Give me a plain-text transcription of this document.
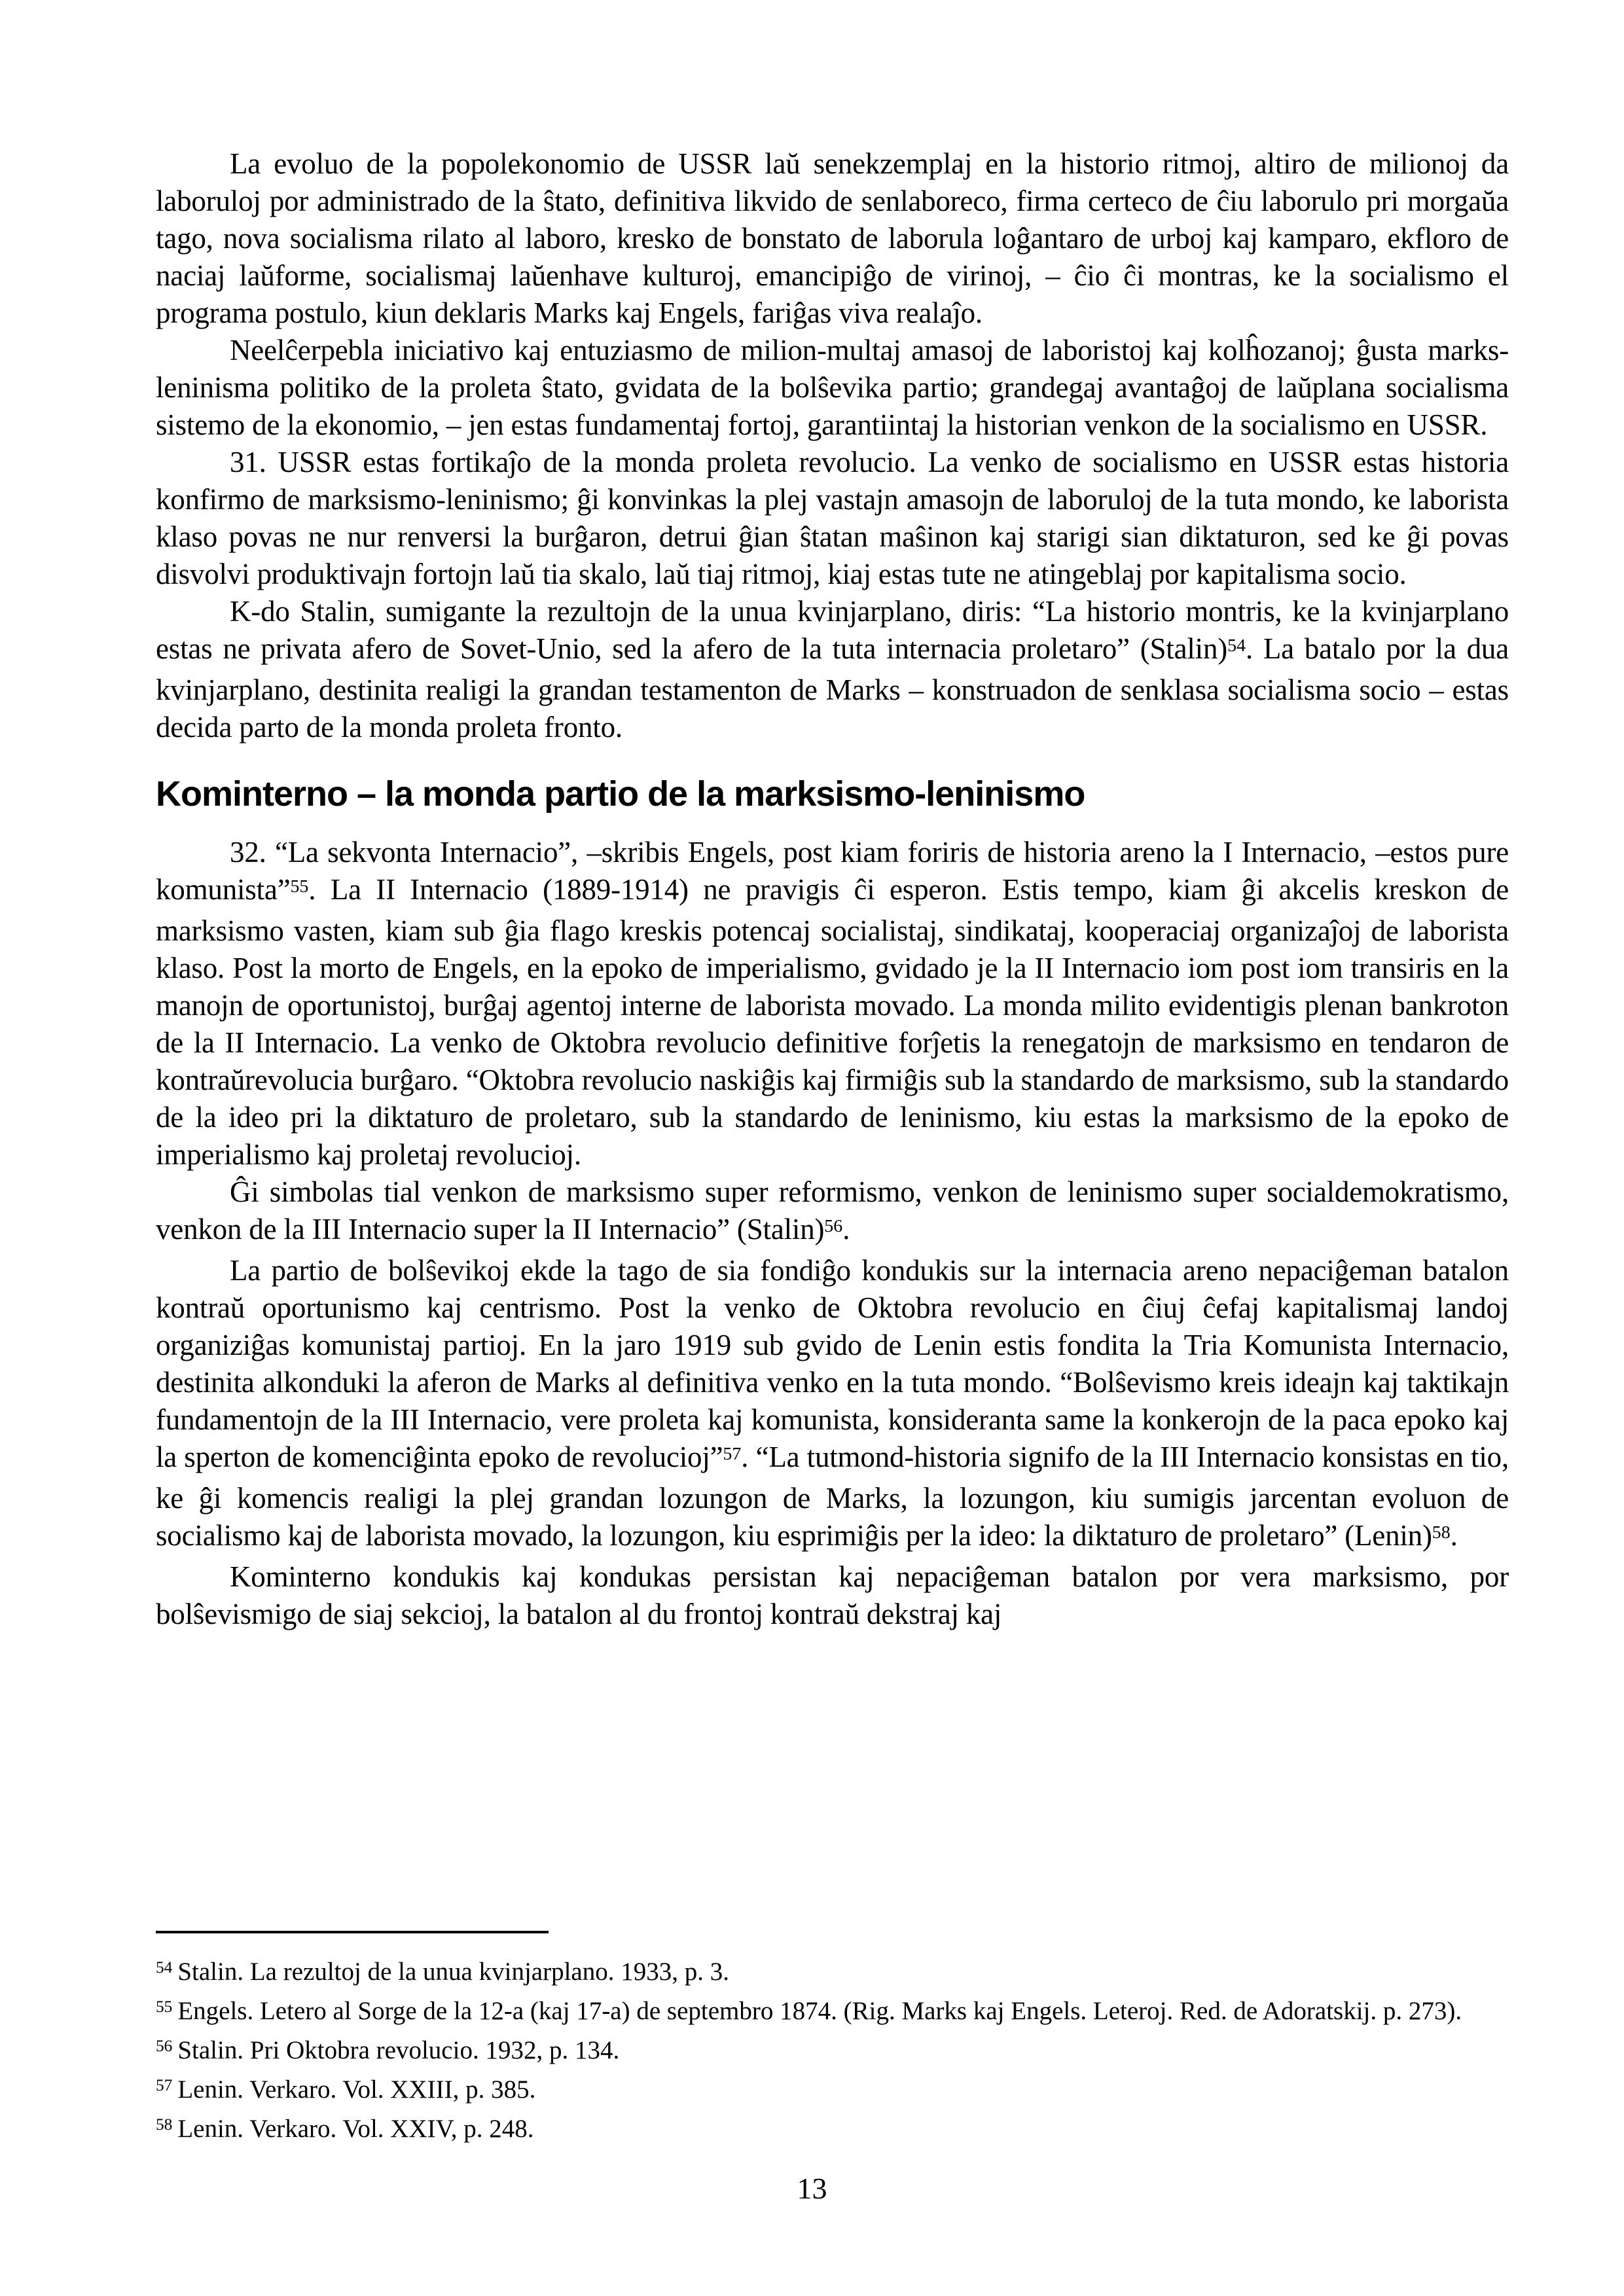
La evoluo de la popolekonomio de USSR laŭ senekzemplaj en la historio ritmoj, altiro de milionoj da laboruloj por administrado de la ŝtato, definitiva likvido de senlaboreco, firma certeco de ĉiu laborulo pri morgaŭa tago, nova socialisma rilato al laboro, kresko de bonstato de laborula loĝantaro de urboj kaj kamparo, ekfloro de naciaj laŭforme, socialismaj laŭenhave kulturoj, emancipiĝo de virinoj, – ĉio ĉi montras, ke la socialismo el programa postulo, kiun deklaris Marks kaj Engels, fariĝas viva realaĵo.

Neelĉerpebla iniciativo kaj entuziasmo de milion-multaj amasoj de laboristoj kaj kolĥozanoj; ĝusta marks-leninisma politiko de la proleta ŝtato, gvidata de la bolŝevika partio; grandegaj avantaĝoj de laŭplana socialisma sistemo de la ekonomio, – jen estas fundamentaj fortoj, garantiintaj la historian venkon de la socialismo en USSR.

31. USSR estas fortikaĵo de la monda proleta revolucio. La venko de socialismo en USSR estas historia konfirmo de marksismo-leninismo; ĝi konvinkas la plej vastajn amasojn de laboruloj de la tuta mondo, ke laborista klaso povas ne nur renversi la burĝaron, detrui ĝian ŝtatan maŝinon kaj starigi sian diktaturon, sed ke ĝi povas disvolvi produktivajn fortojn laŭ tia skalo, laŭ tiaj ritmoj, kiaj estas tute ne atingeblaj por kapitalisma socio.

K-do Stalin, sumigante la rezultojn de la unua kvinjarplano, diris: “La historio montris, ke la kvinjarplano estas ne privata afero de Sovet-Unio, sed la afero de la tuta internacia proletaro” (Stalin)$^{54}$. La batalo por la dua kvinjarplano, destinita realigi la grandan testamenton de Marks – konstruadon de senklasa socialisma socio – estas decida parto de la monda proleta fronto.

Kominterno – la monda partio de la marksismo-leninismo

32. “La sekvonta Internacio”, –skribis Engels, post kiam foriris de historia areno la I Internacio, –estos pure komunista”$^{55}$. La II Internacio (1889-1914) ne pravigis ĉi esperon. Estis tempo, kiam ĝi akcelis kreskon de marksismo vasten, kiam sub ĝia flago kreskis potencaj socialistaj, sindikataj, kooperaciaj organizaĵoj de laborista klaso. Post la morto de Engels, en la epoko de imperialismo, gvidado je la II Internacio iom post iom transiris en la manojn de oportunistoj, burĝaj agentoj interne de laborista movado. La monda milito evidentigis plenan bankroton de la II Internacio. La venko de Oktobra revolucio definitive forĵetis la renegatojn de marksismo en tendaron de kontraŭrevolucia burĝaro. “Oktobra revolucio naskiĝis kaj firmiĝis sub la standardo de marksismo, sub la standardo de la ideo pri la diktaturo de proletaro, sub la standardo de leninismo, kiu estas la marksismo de la epoko de imperialismo kaj proletaj revolucioj.

Ĝi simbolas tial venkon de marksismo super reformismo, venkon de leninismo super socialdemokratismo, venkon de la III Internacio super la II Internacio” (Stalin)$^{56}$.

La partio de bolŝevikoj ekde la tago de sia fondiĝo kondukis sur la internacia areno nepaciĝeman batalon kontraŭ oportunismo kaj centrismo. Post la venko de Oktobra revolucio en ĉiuj ĉefaj kapitalismaj landoj organiziĝas komunistaj partioj. En la jaro 1919 sub gvido de Lenin estis fondita la Tria Komunista Internacio, destinita alkonduki la aferon de Marks al definitiva venko en la tuta mondo. “Bolŝevismo kreis ideajn kaj taktikajn fundamentojn de la III Internacio, vere proleta kaj komunista, konsideranta same la konkerojn de la paca epoko kaj la sperton de komenciĝinta epoko de revolucioj”$^{57}$. “La tutmond-historia signifo de la III Internacio konsistas en tio, ke ĝi komencis realigi la plej grandan lozungon de Marks, la lozungon, kiu sumigis jarcentan evoluon de socialismo kaj de laborista movado, la lozungon, kiu esprimiĝis per la ideo: la diktaturo de proletaro” (Lenin)$^{58}$.

Kominterno kondukis kaj kondukas persistan kaj nepaciĝeman batalon por vera marksismo, por bolŝevismigo de siaj sekcioj, la batalon al du frontoj kontraŭ dekstraj kaj

$^{54}$ Stalin. La rezultoj de la unua kvinjarplano. 1933, p. 3.
$^{55}$ Engels. Letero al Sorge de la 12-a (kaj 17-a) de septembro 1874. (Rig. Marks kaj Engels. Leteroj. Red. de Adoratskij. p. 273).
$^{56}$ Stalin. Pri Oktobra revolucio. 1932, p. 134.
$^{57}$ Lenin. Verkaro. Vol. XXIII, p. 385.
$^{58}$ Lenin. Verkaro. Vol. XXIV, p. 248.
13
